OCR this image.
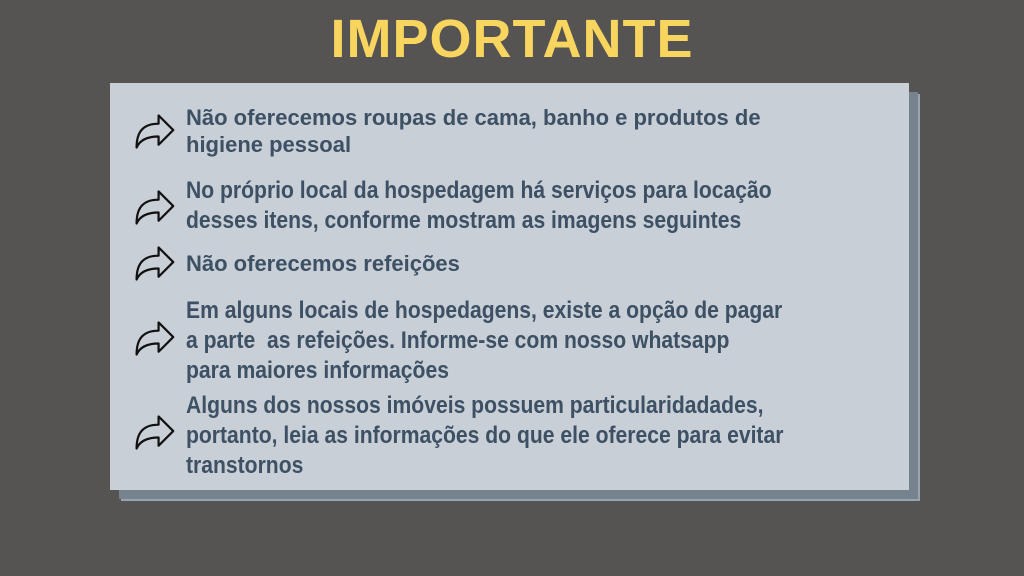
IMPORTANTE
Não oferecemos roupas de cama, banho e produtos de
higiene pessoal
No próprio local da hospedagem há serviços para locação
desses itens, conforme mostram as imagens seguintes
Não oferecemos refeições
Em alguns locais de hospedagens, existe a opção de pagar
a parte  as refeições. Informe-se com nosso whatsapp
para maiores informações
Alguns dos nossos imóveis possuem particularidadades,
portanto, leia as informações do que ele oferece para evitar
transtornos
